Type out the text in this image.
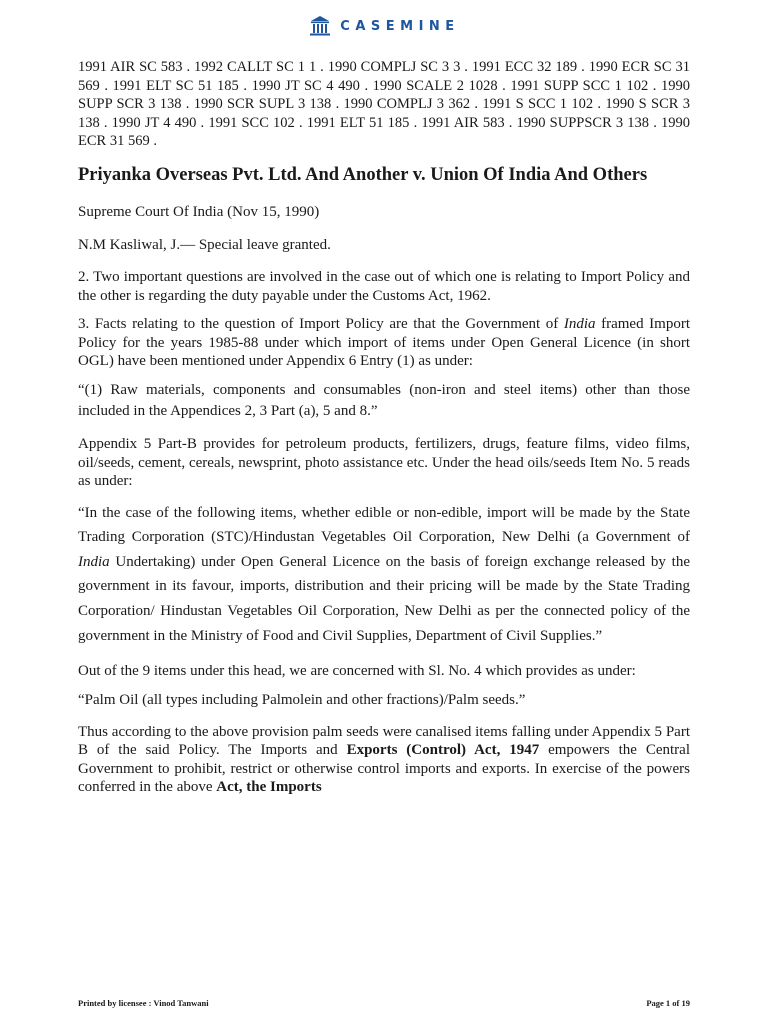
CASEMINE

1991 AIR SC 583 . 1992 CALLT SC 1 1 . 1990 COMPLJ SC 3 3 . 1991 ECC 32 189 . 1990 ECR SC 31 569 . 1991 ELT SC 51 185 . 1990 JT SC 4 490 . 1990 SCALE 2 1028 . 1991 SUPP SCC 1 102 . 1990 SUPP SCR 3 138 . 1990 SCR SUPL 3 138 . 1990 COMPLJ 3 362 . 1991 S SCC 1 102 . 1990 S SCR 3 138 . 1990 JT 4 490 . 1991 SCC 102 . 1991 ELT 51 185 . 1991 AIR 583 . 1990 SUPPSCR 3 138 . 1990 ECR 31 569 .

Priyanka Overseas Pvt. Ltd. And Another v. Union Of India And Others

Supreme Court Of India (Nov 15, 1990)

N.M Kasliwal, J.— Special leave granted.

2. Two important questions are involved in the case out of which one is relating to Import Policy and the other is regarding the duty payable under the Customs Act, 1962.

3. Facts relating to the question of Import Policy are that the Government of India framed Import Policy for the years 1985-88 under which import of items under Open General Licence (in short OGL) have been mentioned under Appendix 6 Entry (1) as under:

“(1) Raw materials, components and consumables (non-iron and steel items) other than those included in the Appendices 2, 3 Part (a), 5 and 8.”

Appendix 5 Part-B provides for petroleum products, fertilizers, drugs, feature films, video films, oil/seeds, cement, cereals, newsprint, photo assistance etc. Under the head oils/seeds Item No. 5 reads as under:

“In the case of the following items, whether edible or non-edible, import will be made by the State Trading Corporation (STC)/Hindustan Vegetables Oil Corporation, New Delhi (a Government of India Undertaking) under Open General Licence on the basis of foreign exchange released by the government in its favour, imports, distribution and their pricing will be made by the State Trading Corporation/ Hindustan Vegetables Oil Corporation, New Delhi as per the connected policy of the government in the Ministry of Food and Civil Supplies, Department of Civil Supplies.”

Out of the 9 items under this head, we are concerned with Sl. No. 4 which provides as under:

“Palm Oil (all types including Palmolein and other fractions)/Palm seeds.”

Thus according to the above provision palm seeds were canalised items falling under Appendix 5 Part B of the said Policy. The Imports and Exports (Control) Act, 1947 empowers the Central Government to prohibit, restrict or otherwise control imports and exports. In exercise of the powers conferred in the above Act, the Imports

Printed by licensee : Vinod Tanwani	Page 1 of 19
